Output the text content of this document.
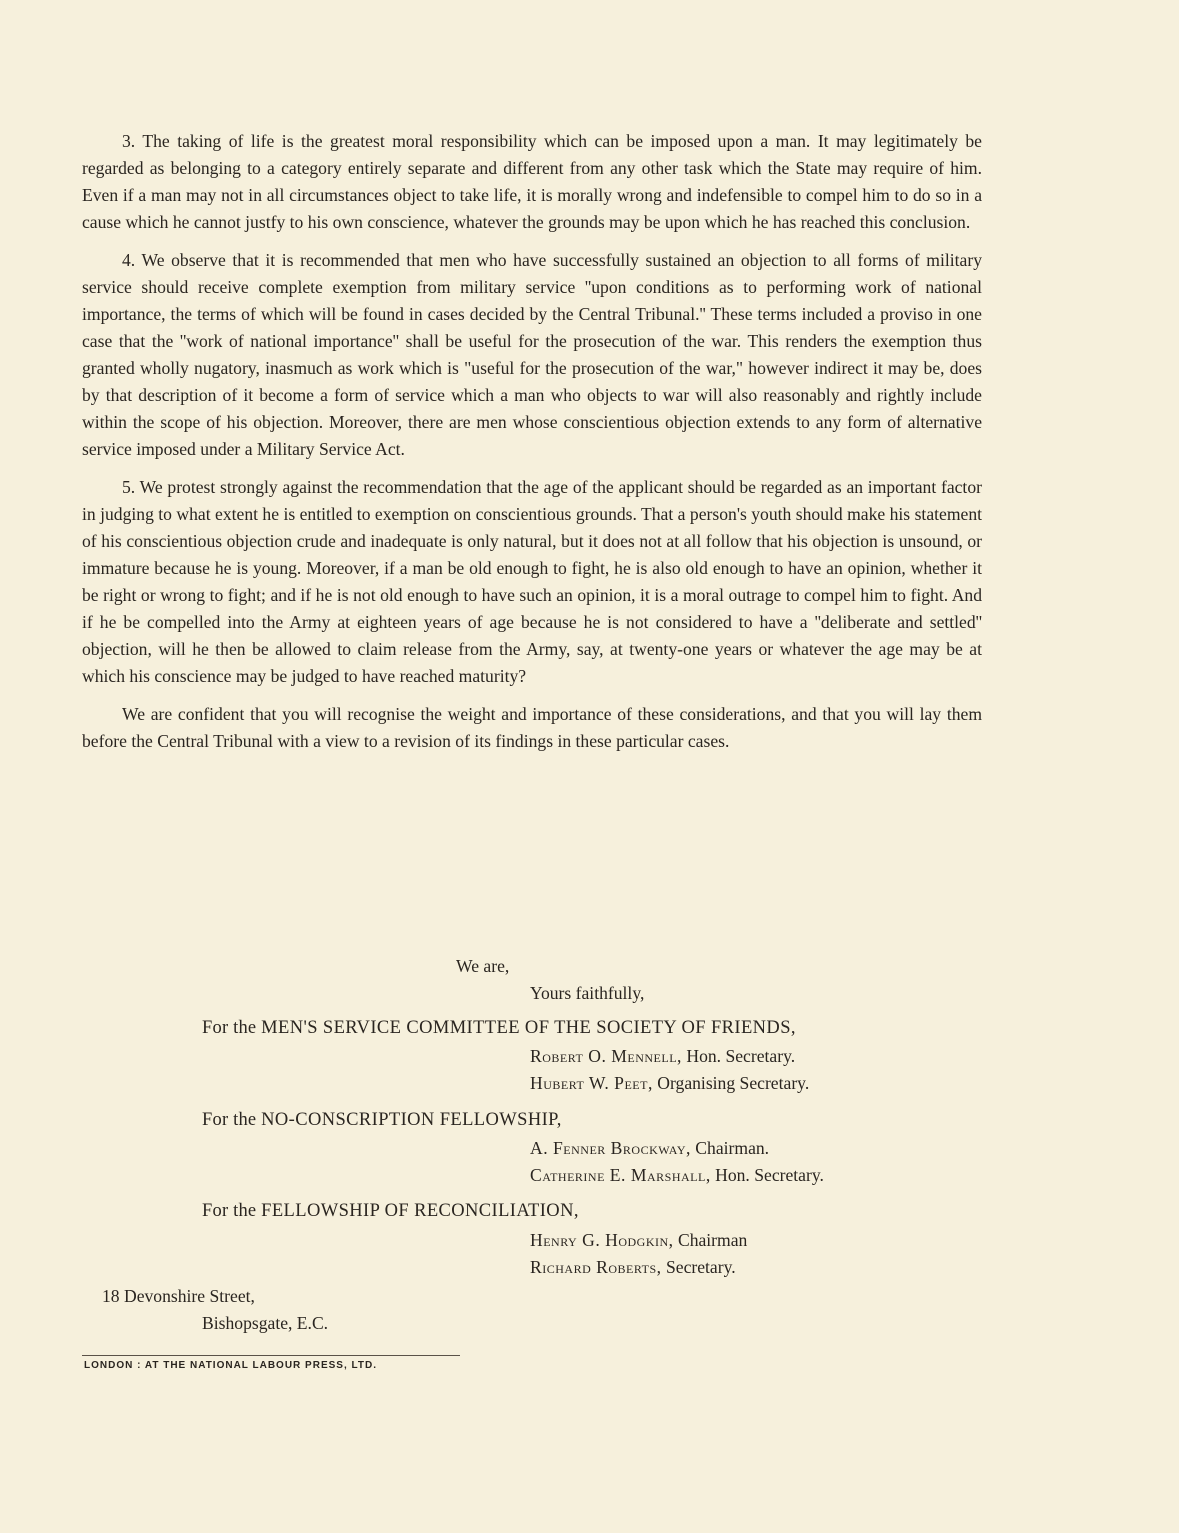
3. The taking of life is the greatest moral responsibility which can be imposed upon a man. It may legitimately be regarded as belonging to a category entirely separate and different from any other task which the State may require of him. Even if a man may not in all circumstances object to take life, it is morally wrong and indefensible to compel him to do so in a cause which he cannot justfy to his own conscience, whatever the grounds may be upon which he has reached this conclusion.

4. We observe that it is recommended that men who have successfully sustained an objection to all forms of military service should receive complete exemption from military service ''upon conditions as to performing work of national importance, the terms of which will be found in cases decided by the Central Tribunal.'' These terms included a proviso in one case that the ''work of national importance'' shall be useful for the prosecution of the war. This renders the exemption thus granted wholly nugatory, inasmuch as work which is "useful for the prosecution of the war," however indirect it may be, does by that description of it become a form of service which a man who objects to war will also reasonably and rightly include within the scope of his objection. Moreover, there are men whose conscientious objection extends to any form of alternative service imposed under a Military Service Act.

5. We protest strongly against the recommendation that the age of the applicant should be regarded as an important factor in judging to what extent he is entitled to exemption on conscientious grounds. That a person's youth should make his statement of his conscientious objection crude and inadequate is only natural, but it does not at all follow that his objection is unsound, or immature because he is young. Moreover, if a man be old enough to fight, he is also old enough to have an opinion, whether it be right or wrong to fight; and if he is not old enough to have such an opinion, it is a moral outrage to compel him to fight. And if he be compelled into the Army at eighteen years of age because he is not considered to have a ''deliberate and settled'' objection, will he then be allowed to claim release from the Army, say, at twenty-one years or whatever the age may be at which his conscience may be judged to have reached maturity?

We are confident that you will recognise the weight and importance of these considerations, and that you will lay them before the Central Tribunal with a view to a revision of its findings in these particular cases.

We are,
Yours faithfully,
For the MEN'S SERVICE COMMITTEE OF THE SOCIETY OF FRIENDS,
Robert O. Mennell, Hon. Secretary.
Hubert W. Peet, Organising Secretary.
For the NO-CONSCRIPTION FELLOWSHIP,
A. Fenner Brockway, Chairman.
Catherine E. Marshall, Hon. Secretary.
For the FELLOWSHIP OF RECONCILIATION,
Henry G. Hodgkin, Chairman
Richard Roberts, Secretary.
18 Devonshire Street,
Bishopsgate, E.C.
LONDON : AT THE NATIONAL LABOUR PRESS, LTD.
